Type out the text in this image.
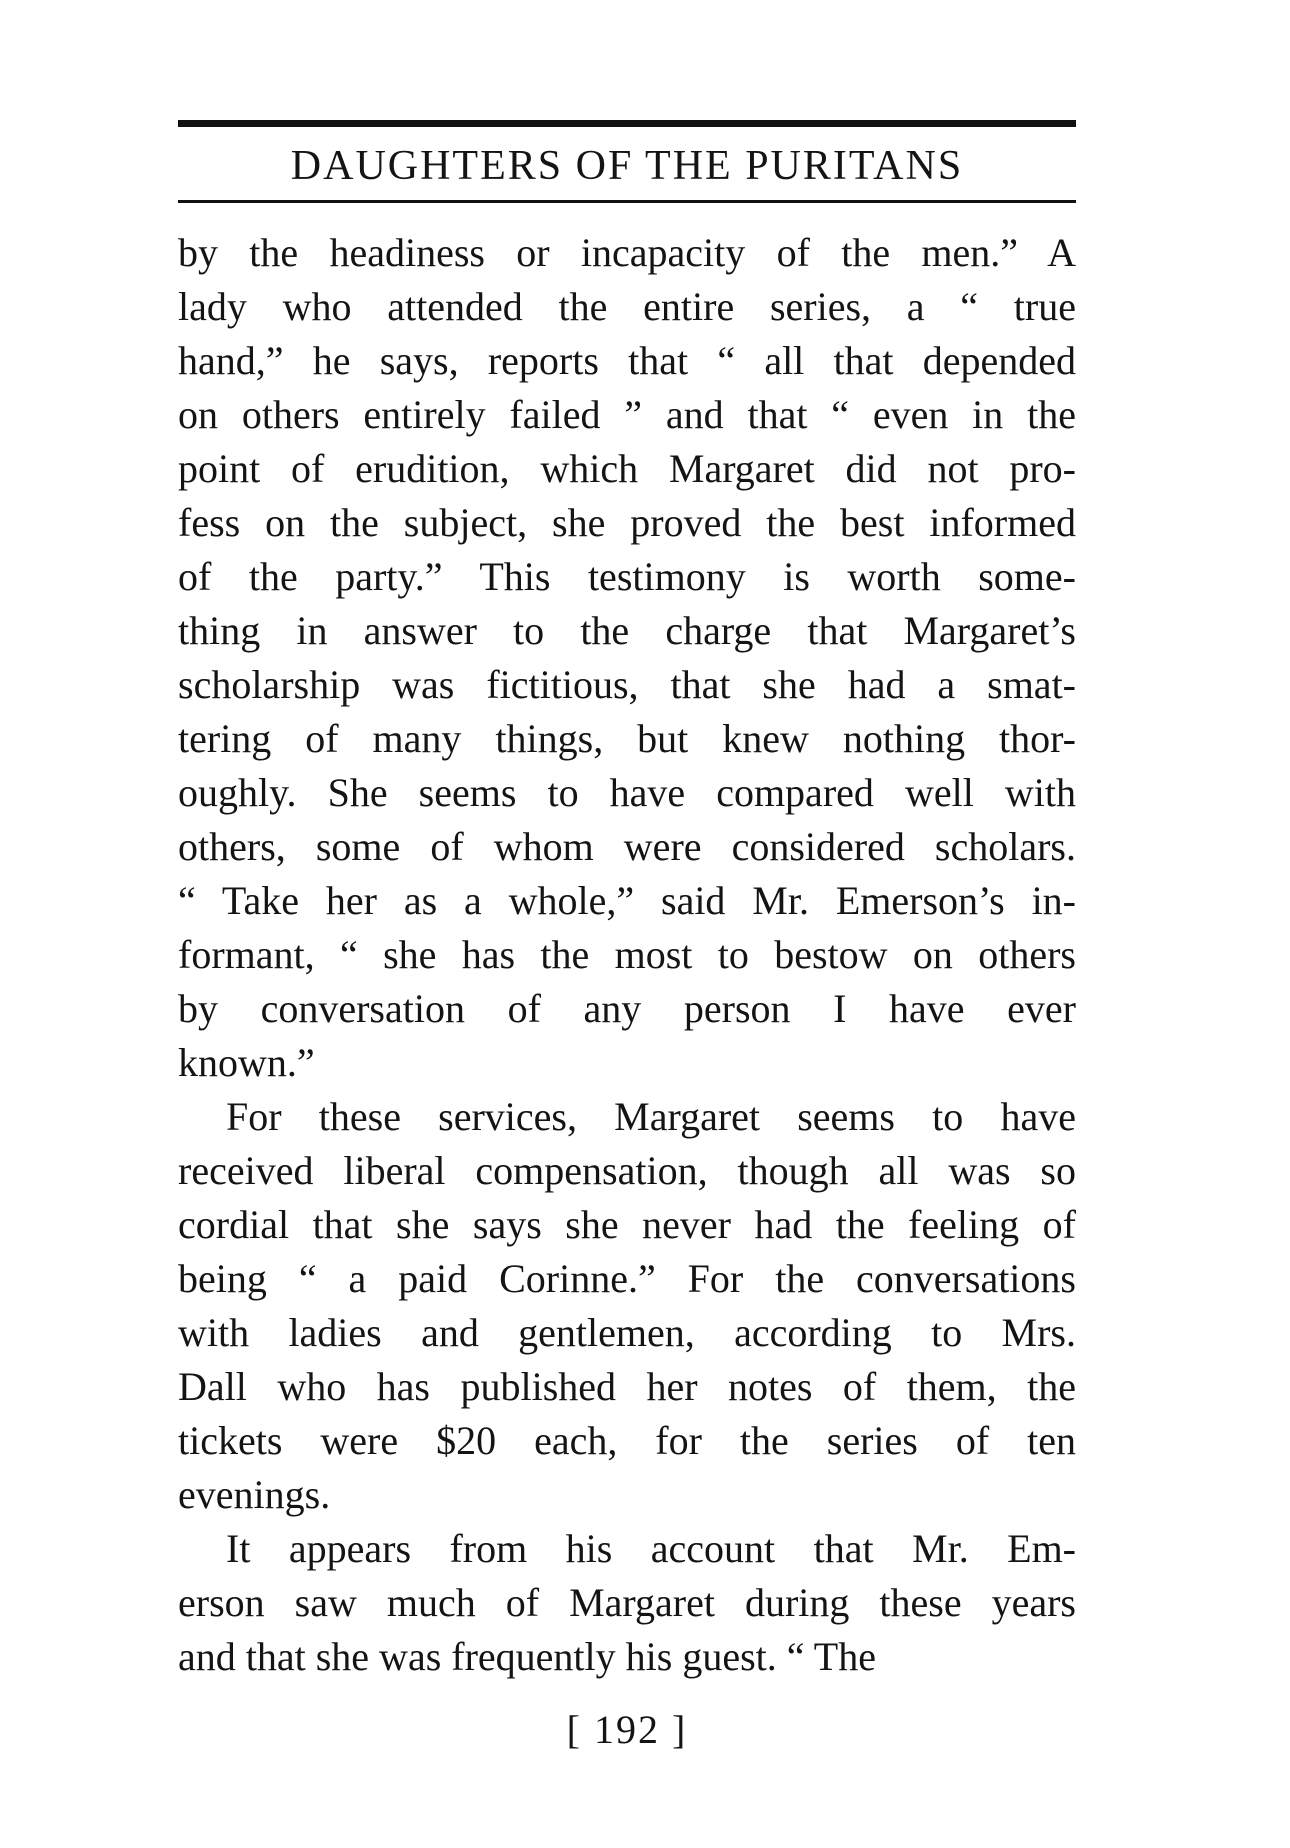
DAUGHTERS OF THE PURITANS
by the headiness or incapacity of the men.” A
lady who attended the entire series, a “ true
hand,” he says, reports that “ all that depended
on others entirely failed ” and that “ even in the
point of erudition, which Margaret did not pro-
fess on the subject, she proved the best informed
of the party.” This testimony is worth some-
thing in answer to the charge that Margaret’s
scholarship was fictitious, that she had a smat-
tering of many things, but knew nothing thor-
oughly. She seems to have compared well with
others, some of whom were considered scholars.
“ Take her as a whole,” said Mr. Emerson’s in-
formant, “ she has the most to bestow on others
by conversation of any person I have ever
known.”
For these services, Margaret seems to have
received liberal compensation, though all was so
cordial that she says she never had the feeling of
being “ a paid Corinne.” For the conversations
with ladies and gentlemen, according to Mrs.
Dall who has published her notes of them, the
tickets were $20 each, for the series of ten
evenings.
It appears from his account that Mr. Em-
erson saw much of Margaret during these years
and that she was frequently his guest. “ The
[ 192 ]
